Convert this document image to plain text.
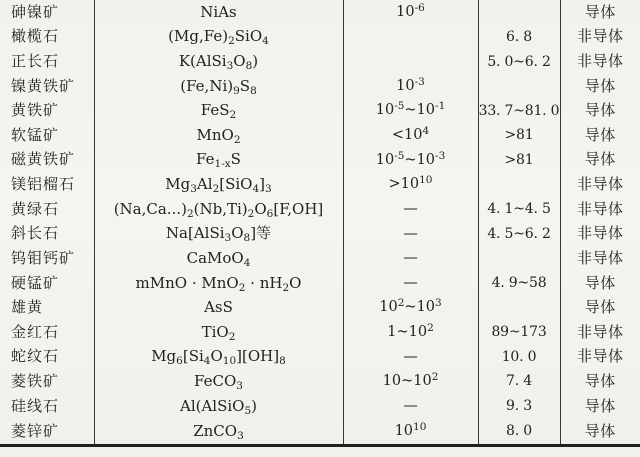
砷镍矿	NiAs	$10^{-6}$		导体
橄榄石	$(Mg,Fe)_2SiO_4$		6. 8	非导体
正长石	$K(AlSi_3O_8)$		5. 0~6. 2	非导体
镍黄铁矿	$(Fe,Ni)_9S_8$	$10^{-3}$		导体
黄铁矿	FeS$_2$	$10^{-5}\sim 10^{-1}$	33. 7~81. 0	导体
软锰矿	MnO$_2$	$<10^4$	>81	导体
磁黄铁矿	$Fe_{1-x}S$	$10^{-5}\sim 10^{-3}$	>81	导体
镁铝榴石	$Mg_3Al_2[SiO_4]_3$	$>10^{10}$		非导体
黄绿石	$(Na,Ca...)_2(Nb,Ti)_2O_6[F,OH]$	—	4. 1~4. 5	非导体
斜长石	$Na[AlSi_3O_8]$等	—	4. 5~6. 2	非导体
钨钼钙矿	CaMoO$_4$	—		非导体
硬锰矿	mMnO · $MnO_2 \cdot nH_2O$	—	4. 9~58	导体
雄黄	AsS	$10^2\sim 10^3$		导体
金红石	TiO$_2$	$1\sim 10^2$	89~173	非导体
蛇纹石	$Mg_6[Si_4O_{10}][OH]_8$	—	10. 0	非导体
菱铁矿	FeCO$_3$	$10\sim 10^2$	7. 4	导体
硅线石	Al(AlSiO$_5$)	—	9. 3	导体
菱锌矿	ZnCO$_3$	$10^{10}$	8. 0	导体
